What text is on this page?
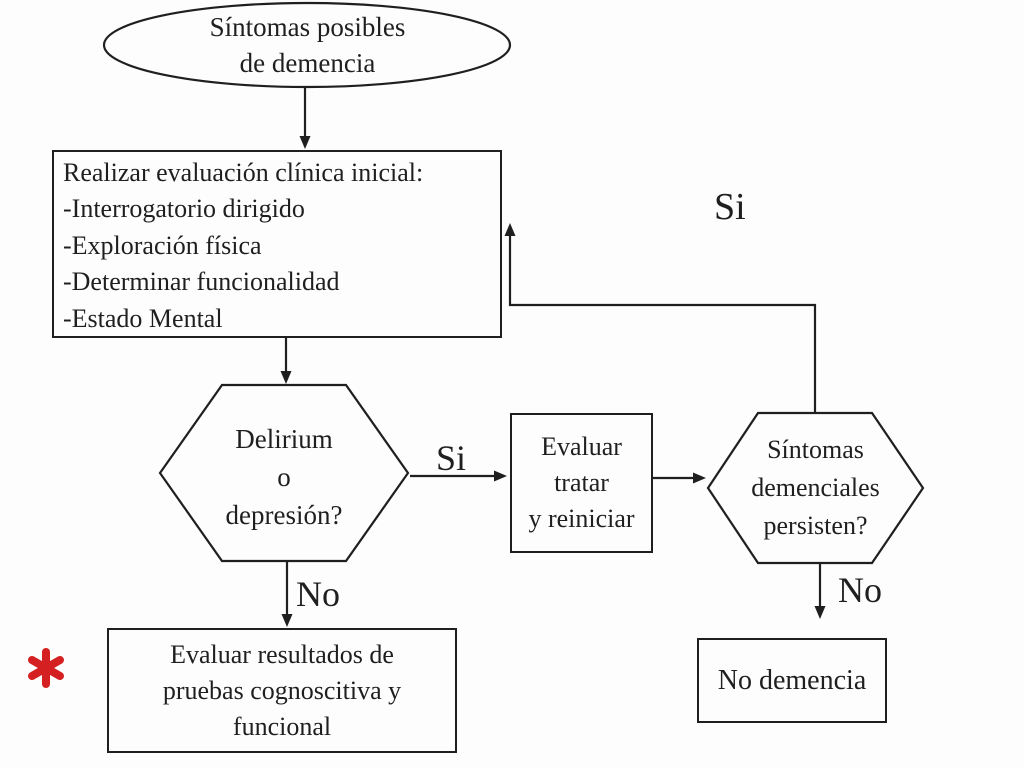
Síntomas posibles
de demencia
Realizar evaluación clínica inicial:
-Interrogatorio dirigido
-Exploración física
-Determinar funcionalidad
-Estado Mental
Delirium
o
depresión?
Evaluar
tratar
y reiniciar
Síntomas
demenciales
persisten?
Evaluar resultados de
pruebas cognoscitiva y
funcional
No demencia
Si
Si
No	No
